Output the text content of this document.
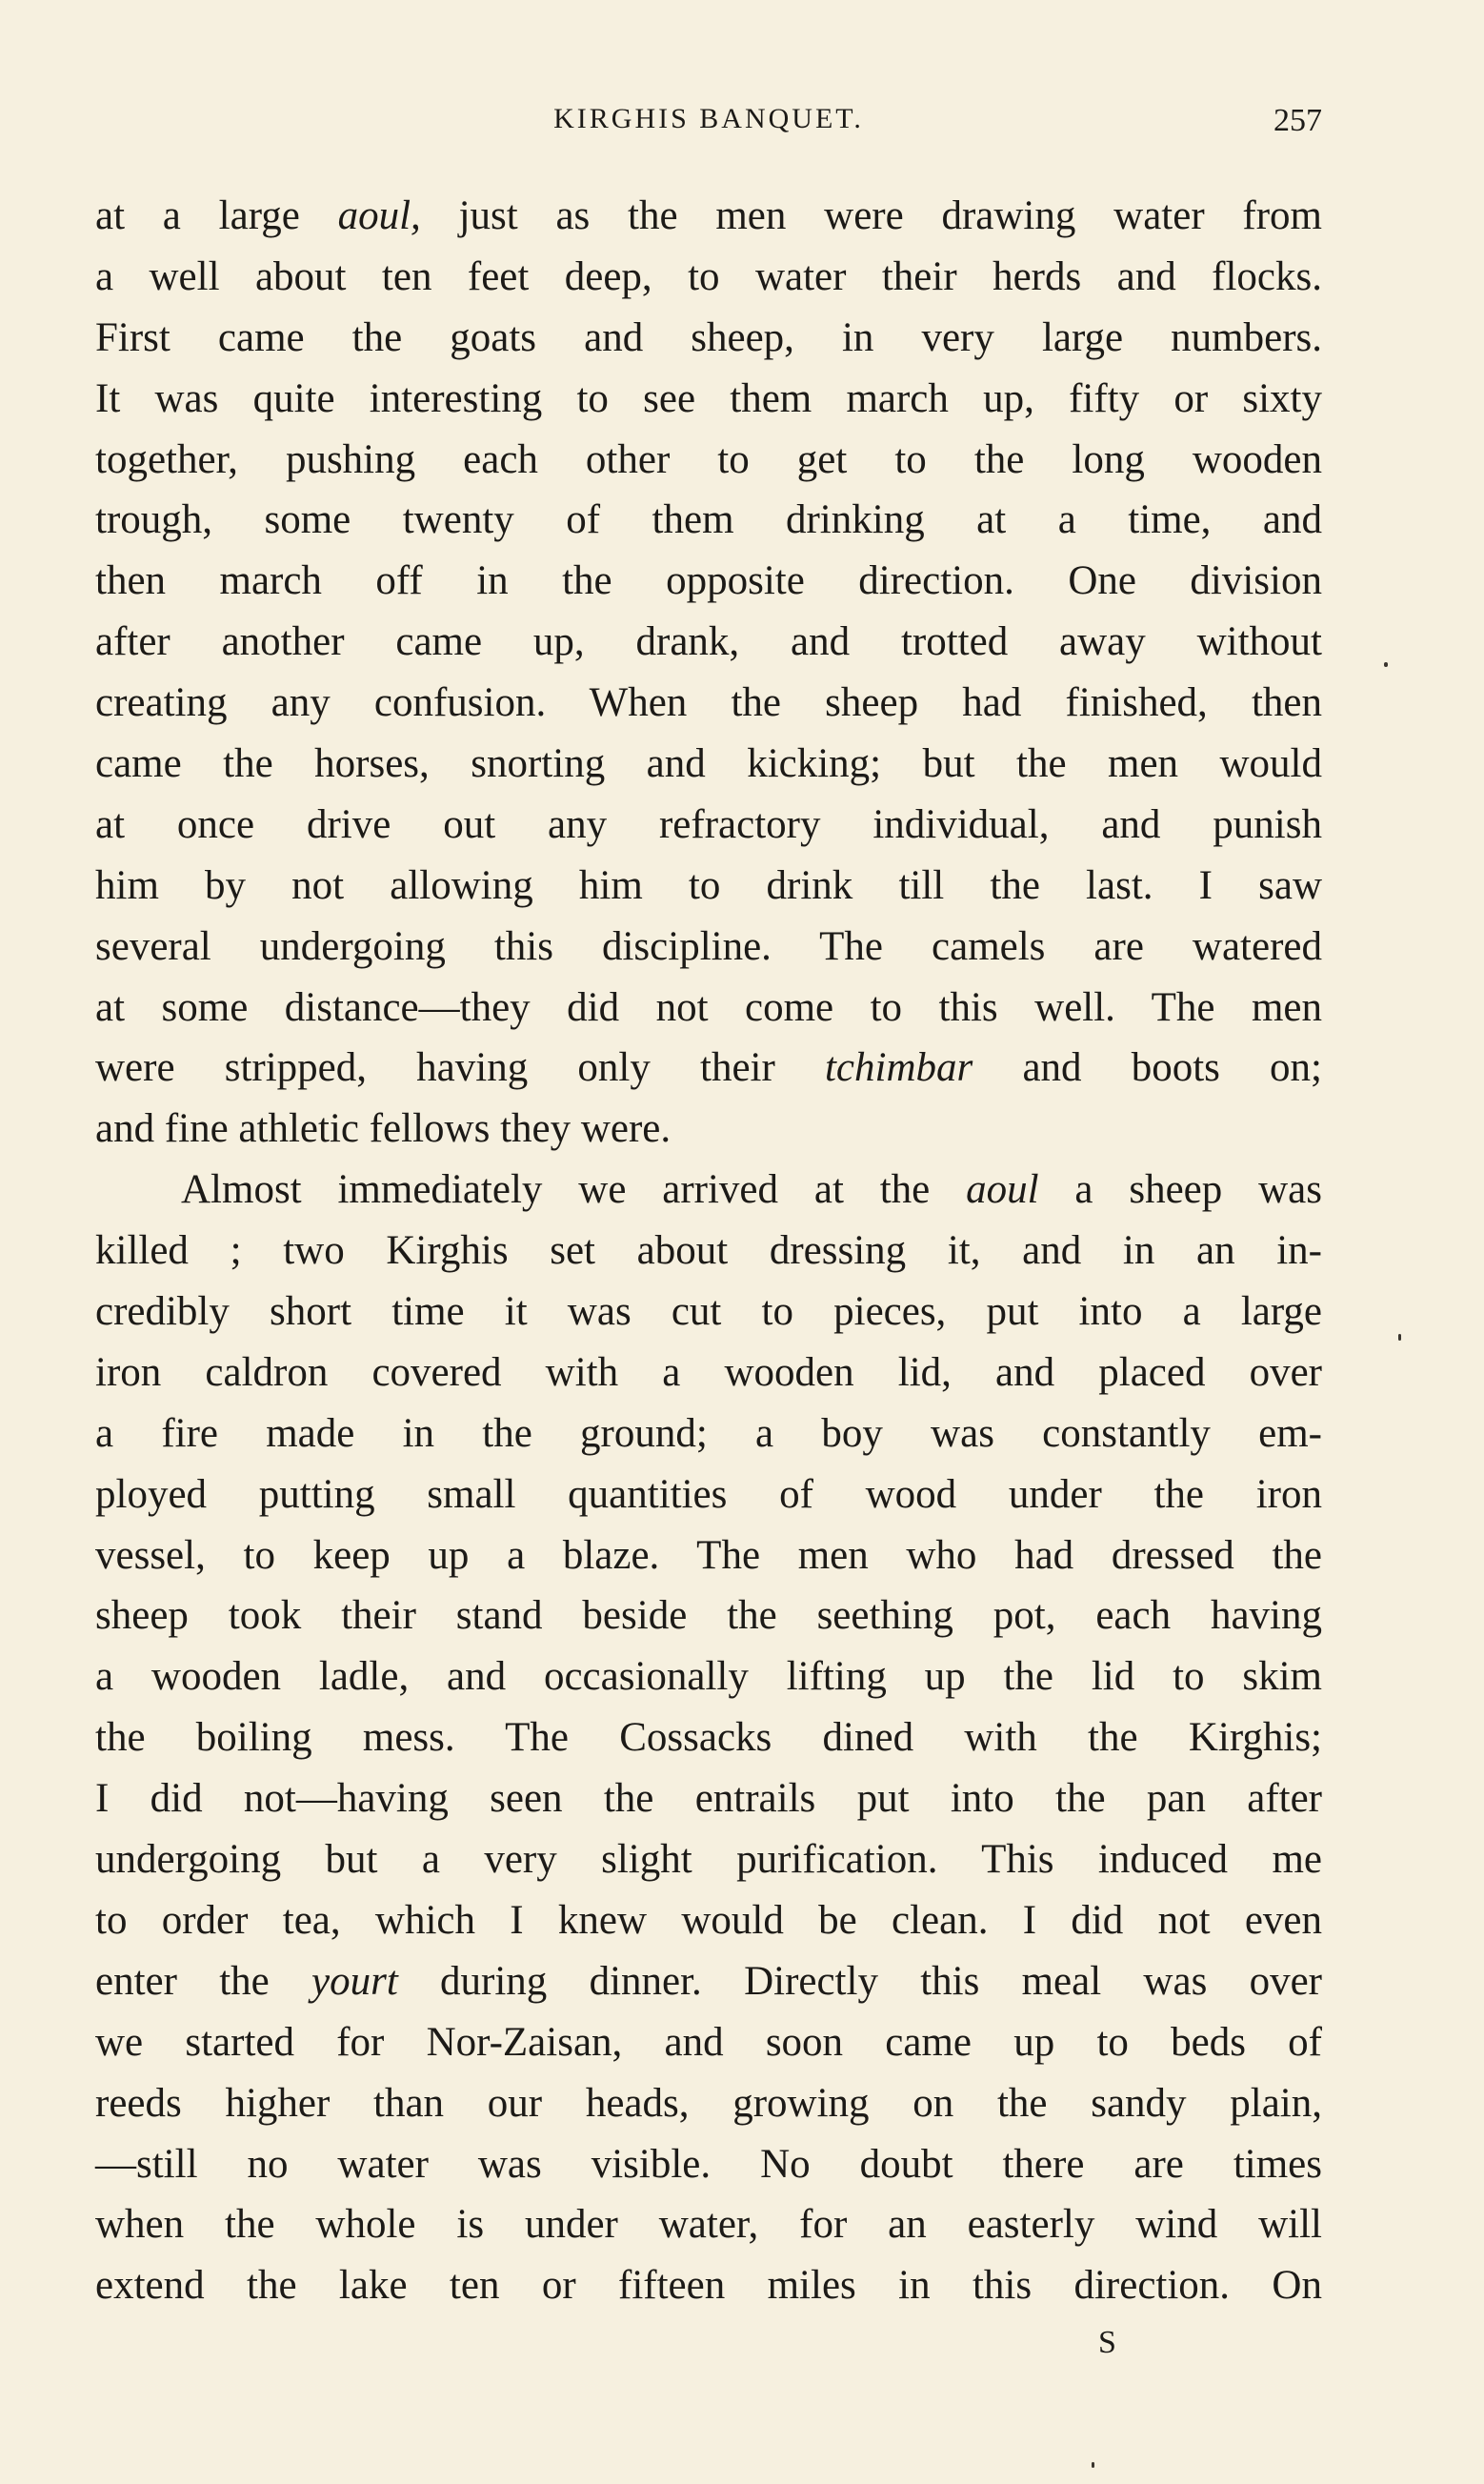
KIRGHIS BANQUET.	257
at a large aoul, just as the men were drawing water from
a well about ten feet deep, to water their herds and flocks.
First came the goats and sheep, in very large numbers.
It was quite interesting to see them march up, fifty or sixty
together, pushing each other to get to the long wooden
trough, some twenty of them drinking at a time, and
then march off in the opposite direction. One division
after another came up, drank, and trotted away without
creating any confusion. When the sheep had finished, then
came the horses, snorting and kicking; but the men would
at once drive out any refractory individual, and punish
him by not allowing him to drink till the last. I saw
several undergoing this discipline. The camels are watered
at some distance—they did not come to this well. The men
were stripped, having only their tchimbar and boots on;
and fine athletic fellows they were.
Almost immediately we arrived at the aoul a sheep was
killed ; two Kirghis set about dressing it, and in an in-
credibly short time it was cut to pieces, put into a large
iron caldron covered with a wooden lid, and placed over
a fire made in the ground; a boy was constantly em-
ployed putting small quantities of wood under the iron
vessel, to keep up a blaze. The men who had dressed the
sheep took their stand beside the seething pot, each having
a wooden ladle, and occasionally lifting up the lid to skim
the boiling mess. The Cossacks dined with the Kirghis;
I did not—having seen the entrails put into the pan after
undergoing but a very slight purification. This induced me
to order tea, which I knew would be clean. I did not even
enter the yourt during dinner. Directly this meal was over
we started for Nor-Zaisan, and soon came up to beds of
reeds higher than our heads, growing on the sandy plain,
—still no water was visible. No doubt there are times
when the whole is under water, for an easterly wind will
extend the lake ten or fifteen miles in this direction. On
S
